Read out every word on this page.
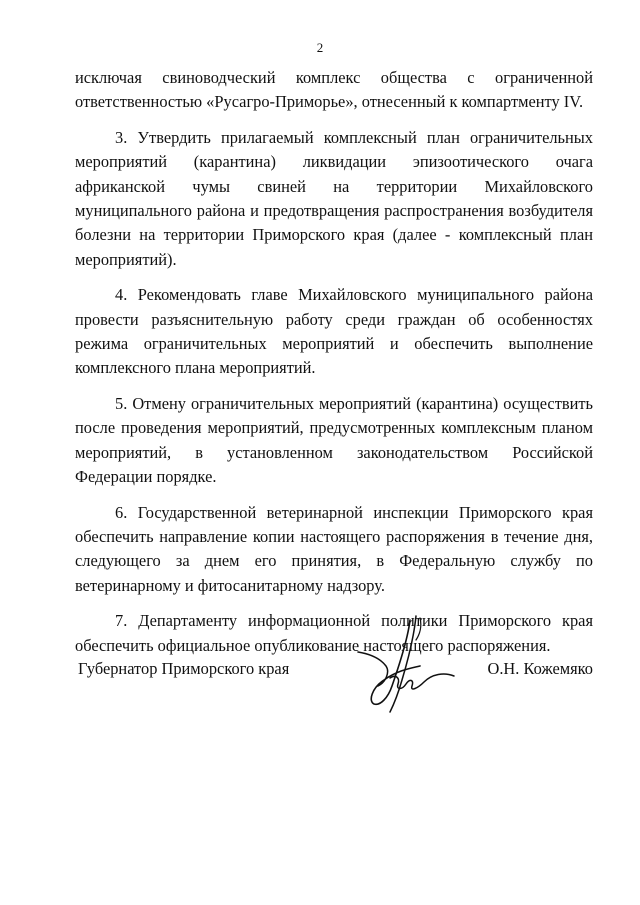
2

исключая свиноводческий комплекс общества с ограниченной ответственностью «Русагро-Приморье», отнесенный к компартменту IV.

3. Утвердить прилагаемый комплексный план ограничительных мероприятий (карантина) ликвидации эпизоотического очага африканской чумы свиней на территории Михайловского муниципального района и предотвращения распространения возбудителя болезни на территории Приморского края (далее - комплексный план мероприятий).

4. Рекомендовать главе Михайловского муниципального района провести разъяснительную работу среди граждан об особенностях режима ограничительных мероприятий и обеспечить выполнение комплексного плана мероприятий.

5. Отмену ограничительных мероприятий (карантина) осуществить после проведения мероприятий, предусмотренных комплексным планом мероприятий, в установленном законодательством Российской Федерации порядке.

6. Государственной ветеринарной инспекции Приморского края обеспечить направление копии настоящего распоряжения в течение дня, следующего за днем его принятия, в Федеральную службу по ветеринарному и фитосанитарному надзору.

7. Департаменту информационной политики Приморского края обеспечить официальное опубликование настоящего распоряжения.

Губернатор Приморского края	О.Н. Кожемяко
